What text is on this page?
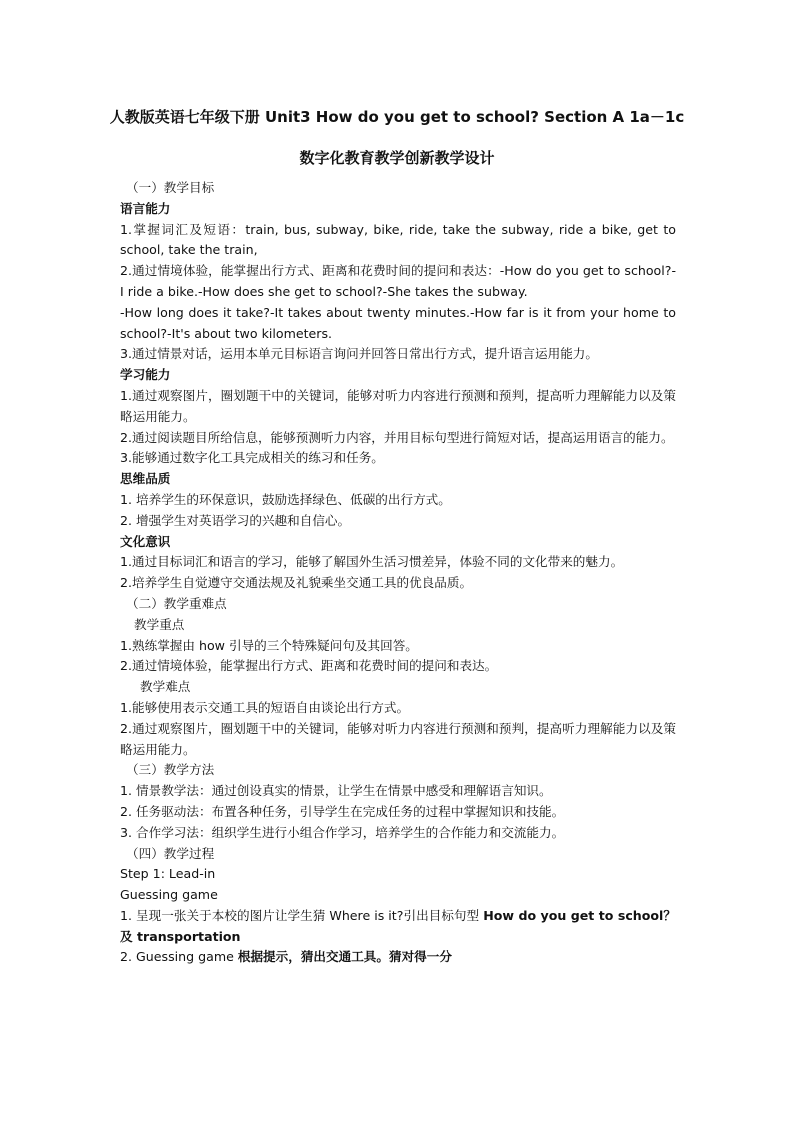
人教版英语七年级下册 Unit3 How do you get to school? Section A 1a－1c
数字化教育教学创新教学设计

（一）教学目标

语言能力

1.掌握词汇及短语：train, bus, subway, bike, ride, take the subway, ride a bike, get to school, take the train,

2.通过情境体验，能掌握出行方式、距离和花费时间的提问和表达：-How do you get to school?-I ride a bike.-How does she get to school?-She takes the subway.

-How long does it take?-It takes about twenty minutes.-How far is it from your home to school?-It's about two kilometers.

3.通过情景对话，运用本单元目标语言询问并回答日常出行方式，提升语言运用能力。

学习能力

1.通过观察图片，圈划题干中的关键词，能够对听力内容进行预测和预判，提高听力理解能力以及策略运用能力。

2.通过阅读题目所给信息，能够预测听力内容，并用目标句型进行简短对话，提高运用语言的能力。

3.能够通过数字化工具完成相关的练习和任务。

思维品质

1. 培养学生的环保意识，鼓励选择绿色、低碳的出行方式。

2. 增强学生对英语学习的兴趣和自信心。

文化意识

1.通过目标词汇和语言的学习，能够了解国外生活习惯差异，体验不同的文化带来的魅力。

2.培养学生自觉遵守交通法规及礼貌乘坐交通工具的优良品质。

（二）教学重难点

教学重点

1.熟练掌握由 how 引导的三个特殊疑问句及其回答。

2.通过情境体验，能掌握出行方式、距离和花费时间的提问和表达。

教学难点

1.能够使用表示交通工具的短语自由谈论出行方式。

2.通过观察图片，圈划题干中的关键词，能够对听力内容进行预测和预判，提高听力理解能力以及策略运用能力。

（三）教学方法

1. 情景教学法：通过创设真实的情景，让学生在情景中感受和理解语言知识。

2. 任务驱动法：布置各种任务，引导学生在完成任务的过程中掌握知识和技能。

3. 合作学习法：组织学生进行小组合作学习，培养学生的合作能力和交流能力。

（四）教学过程

Step 1: Lead-in

Guessing game

1. 呈现一张关于本校的图片让学生猜 Where is it?引出目标句型 How do you get to school？及 transportation

2. Guessing game 根据提示，猜出交通工具。猜对得一分
